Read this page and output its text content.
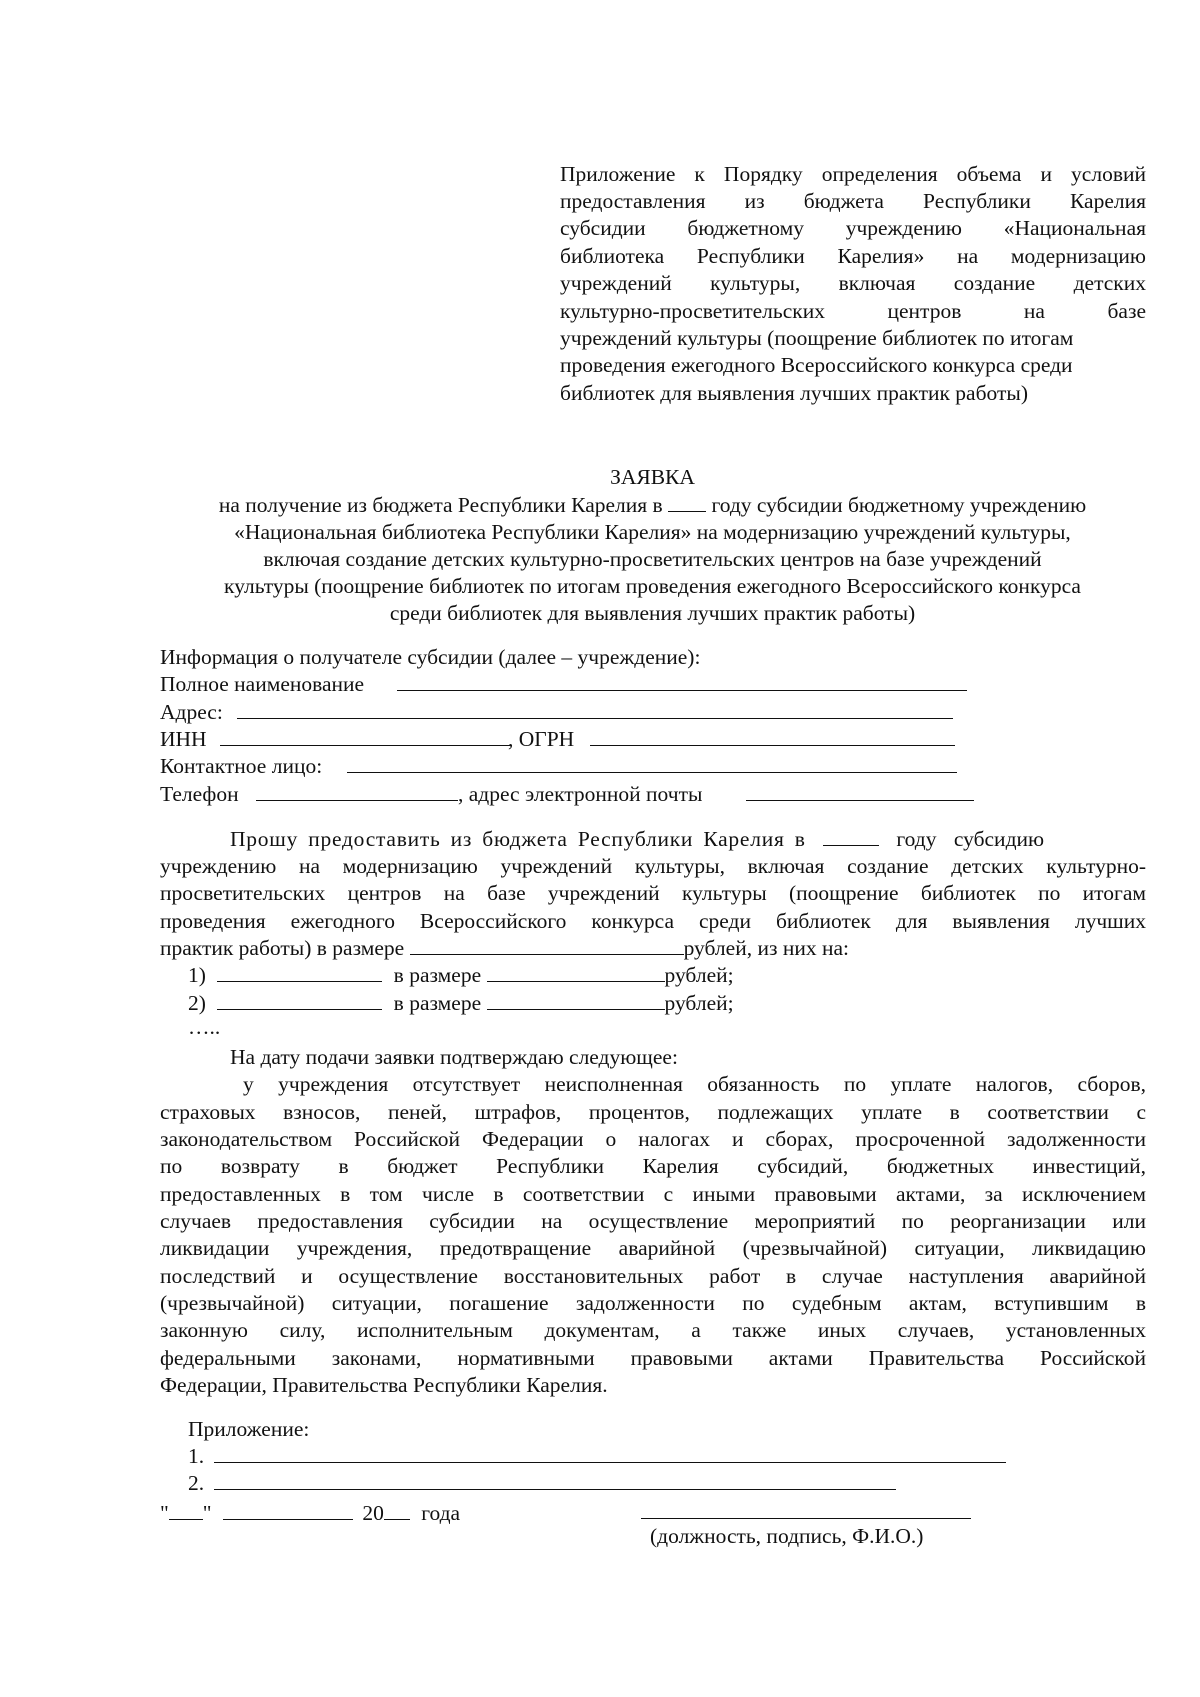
Приложение к Порядку определения объема и условий
предоставления из бюджета Республики Карелия
субсидии бюджетному учреждению «Национальная
библиотека Республики Карелия» на модернизацию
учреждений культуры, включая создание детских
культурно-просветительских центров на базе
учреждений культуры (поощрение библиотек по итогам
проведения ежегодного Всероссийского конкурса среди
библиотек для выявления лучших практик работы)
ЗАЯВКА
на получение из бюджета Республики Карелия в году субсидии бюджетному учреждению
«Национальная библиотека Республики Карелия» на модернизацию учреждений культуры,
включая создание детских культурно-просветительских центров на базе учреждений
культуры (поощрение библиотек по итогам проведения ежегодного Всероссийского конкурса
среди библиотек для выявления лучших практик работы)
Информация о получателе субсидии (далее – учреждение):
Полное наименование
Адрес:
ИНН	, ОГРН
Контактное лицо:
Телефон	, адрес электронной почты
Прошу предоставить из бюджета Республики Карелия в	году субсидию
учреждению на модернизацию учреждений культуры, включая создание детских культурно-
просветительских центров на базе учреждений культуры (поощрение библиотек по итогам
проведения ежегодного Всероссийского конкурса среди библиотек для выявления лучших
практик работы) в размере	рублей, из них на:
1)	в размере	рублей;
2)	в размере	рублей;
…..
На дату подачи заявки подтверждаю следующее:
у учреждения отсутствует неисполненная обязанность по уплате налогов, сборов,
страховых взносов, пеней, штрафов, процентов, подлежащих уплате в соответствии с
законодательством Российской Федерации о налогах и сборах, просроченной задолженности
по возврату в бюджет Республики Карелия субсидий, бюджетных инвестиций,
предоставленных в том числе в соответствии с иными правовыми актами, за исключением
случаев предоставления субсидии на осуществление мероприятий по реорганизации или
ликвидации учреждения, предотвращение аварийной (чрезвычайной) ситуации, ликвидацию
последствий и осуществление восстановительных работ в случае наступления аварийной
(чрезвычайной) ситуации, погашение задолженности по судебным актам, вступившим в
законную силу, исполнительным документам, а также иных случаев, установленных
федеральными законами, нормативными правовыми актами Правительства Российской
Федерации, Правительства Республики Карелия.
Приложение:
1.
2.
" "	20 года
(должность, подпись, Ф.И.О.)
